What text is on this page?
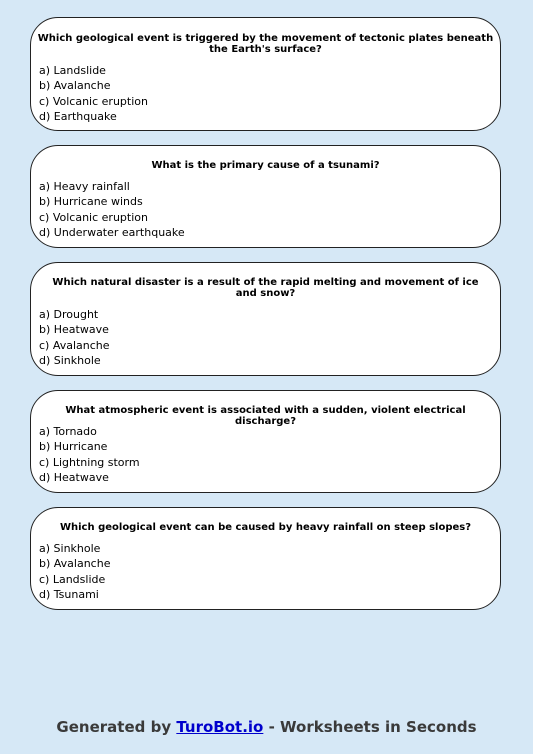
Which geological event is triggered by the movement of tectonic plates beneath the Earth's surface?
a) Landslide
b) Avalanche
c) Volcanic eruption
d) Earthquake
What is the primary cause of a tsunami?
a) Heavy rainfall
b) Hurricane winds
c) Volcanic eruption
d) Underwater earthquake
Which natural disaster is a result of the rapid melting and movement of ice and snow?
a) Drought
b) Heatwave
c) Avalanche
d) Sinkhole
What atmospheric event is associated with a sudden, violent electrical discharge?
a) Tornado
b) Hurricane
c) Lightning storm
d) Heatwave
Which geological event can be caused by heavy rainfall on steep slopes?
a) Sinkhole
b) Avalanche
c) Landslide
d) Tsunami
Generated by TuroBot.io - Worksheets in Seconds
